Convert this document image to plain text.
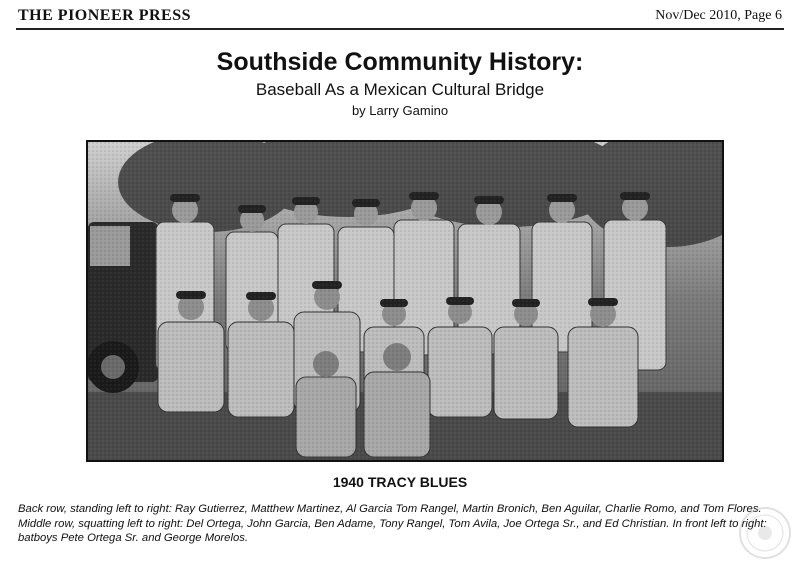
THE PIONEER PRESS	Nov/Dec 2010, Page 6
Southside Community History:
Baseball As a Mexican Cultural Bridge
by Larry Gamino
1940 TRACY BLUES
Back row, standing left to right: Ray Gutierrez, Matthew Martinez, Al Garcia Tom Rangel, Martin Bronich, Ben Aguilar, Charlie Romo, and Tom Flores. Middle row, squatting left to right: Del Ortega, John Garcia, Ben Adame, Tony Rangel, Tom Avila, Joe Ortega Sr., and Ed Christian. In front left to right: batboys Pete Ortega Sr. and George Morelos.
